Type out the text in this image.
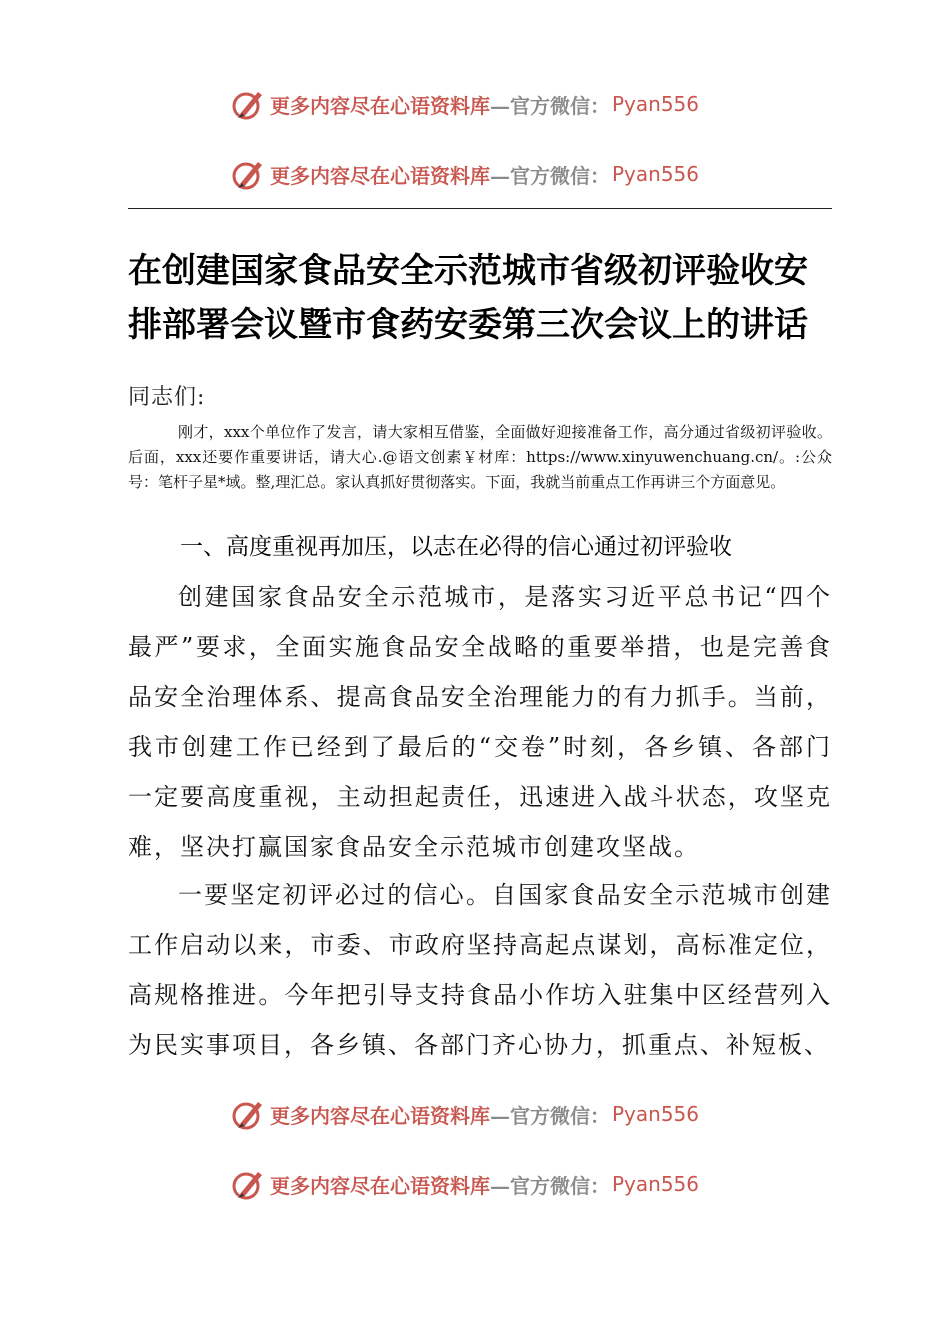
更多内容尽在心语资料库 —官方微信： Pyan556
更多内容尽在心语资料库 —官方微信： Pyan556
在创建国家食品安全示范城市省级初评验收安
排部署会议暨市食药安委第三次会议上的讲话
同志们:
刚才，xxx个单位作了发言，请大家相互借鉴，全面做好迎接准备工作，高分通过省级初评验收。后面，xxx还要作重要讲话，请大心.@语文创素￥材库：https://www.xinyuwenchuang.cn/。:公众号：笔杆子星*域。整,理汇总。家认真抓好贯彻落实。下面，我就当前重点工作再讲三个方面意见。
一、高度重视再加压，以志在必得的信心通过初评验收
创建国家食品安全示范城市，是落实习近平总书记“四个最严”要求，全面实施食品安全战略的重要举措，也是完善食品安全治理体系、提高食品安全治理能力的有力抓手。当前，我市创建工作已经到了最后的“交卷”时刻，各乡镇、各部门一定要高度重视，主动担起责任，迅速进入战斗状态，攻坚克难，坚决打赢国家食品安全示范城市创建攻坚战。
一要坚定初评必过的信心。自国家食品安全示范城市创建工作启动以来，市委、市政府坚持高起点谋划，高标准定位，高规格推进。今年把引导支持食品小作坊入驻集中区经营列入为民实事项目，各乡镇、各部门齐心协力，抓重点、补短板、
更多内容尽在心语资料库 —官方微信： Pyan556
更多内容尽在心语资料库 —官方微信： Pyan556
